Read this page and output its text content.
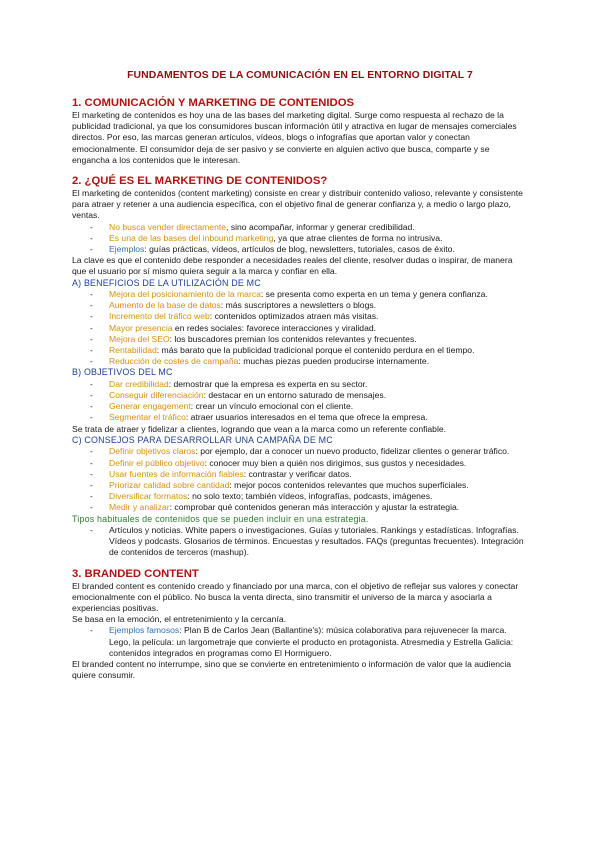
FUNDAMENTOS DE LA COMUNICACIÓN EN EL ENTORNO DIGITAL 7
1. COMUNICACIÓN Y MARKETING DE CONTENIDOS

El marketing de contenidos es hoy una de las bases del marketing digital. Surge como respuesta al rechazo de la publicidad tradicional, ya que los consumidores buscan información útil y atractiva en lugar de mensajes comerciales directos. Por eso, las marcas generan artículos, vídeos, blogs o infografías que aportan valor y conectan emocionalmente. El consumidor deja de ser pasivo y se convierte en alguien activo que busca, comparte y se engancha a los contenidos que le interesan.

2. ¿QUÉ ES EL MARKETING DE CONTENIDOS?

El marketing de contenidos (content marketing) consiste en crear y distribuir contenido valioso, relevante y consistente para atraer y retener a una audiencia específica, con el objetivo final de generar confianza y, a medio o largo plazo, ventas.

- No busca vender directamente, sino acompañar, informar y generar credibilidad.
- Es una de las bases del inbound marketing, ya que atrae clientes de forma no intrusiva.
- Ejemplos: guías prácticas, vídeos, artículos de blog, newsletters, tutoriales, casos de éxito.

La clave es que el contenido debe responder a necesidades reales del cliente, resolver dudas o inspirar, de manera que el usuario por sí mismo quiera seguir a la marca y confiar en ella.

A) BENEFICIOS DE LA UTILIZACIÓN DE MC
- Mejora del posicionamiento de la marca: se presenta como experta en un tema y genera confianza.
- Aumento de la base de datos: más suscriptores a newsletters o blogs.
- Incremento del tráfico web: contenidos optimizados atraen más visitas.
- Mayor presencia en redes sociales: favorece interacciones y viralidad.
- Mejora del SEO: los buscadores premian los contenidos relevantes y frecuentes.
- Rentabilidad: más barato que la publicidad tradicional porque el contenido perdura en el tiempo.
- Reducción de costes de campaña: muchas piezas pueden producirse internamente.
B) OBJETIVOS DEL MC
- Dar credibilidad: demostrar que la empresa es experta en su sector.
- Conseguir diferenciación: destacar en un entorno saturado de mensajes.
- Generar engagement: crear un vínculo emocional con el cliente.
- Segmentar el tráfico: atraer usuarios interesados en el tema que ofrece la empresa.

Se trata de atraer y fidelizar a clientes, logrando que vean a la marca como un referente confiable.

C) CONSEJOS PARA DESARROLLAR UNA CAMPAÑA DE MC
- Definir objetivos claros: por ejemplo, dar a conocer un nuevo producto, fidelizar clientes o generar tráfico.
- Definir el público objetivo: conocer muy bien a quién nos dirigimos, sus gustos y necesidades.
- Usar fuentes de información fiables: contrastar y verificar datos.
- Priorizar calidad sobre cantidad: mejor pocos contenidos relevantes que muchos superficiales.
- Diversificar formatos: no solo texto; también vídeos, infografías, podcasts, imágenes.
- Medir y analizar: comprobar qué contenidos generan más interacción y ajustar la estrategia.
Tipos habituales de contenidos que se pueden incluir en una estrategia.
- Artículos y noticias. White papers o investigaciones. Guías y tutoriales. Rankings y estadísticas. Infografías. Vídeos y podcasts. Glosarios de términos. Encuestas y resultados. FAQs (preguntas frecuentes). Integración de contenidos de terceros (mashup).
3. BRANDED CONTENT

El branded content es contenido creado y financiado por una marca, con el objetivo de reflejar sus valores y conectar emocionalmente con el público. No busca la venta directa, sino transmitir el universo de la marca y asociarla a experiencias positivas.

Se basa en la emoción, el entretenimiento y la cercanía.

- Ejemplos famosos: Plan B de Carlos Jean (Ballantine's): música colaborativa para rejuvenecer la marca. Lego, la película: un largometraje que convierte el producto en protagonista. Atresmedia y Estrella Galicia: contenidos integrados en programas como El Hormiguero.

El branded content no interrumpe, sino que se convierte en entretenimiento o información de valor que la audiencia quiere consumir.
